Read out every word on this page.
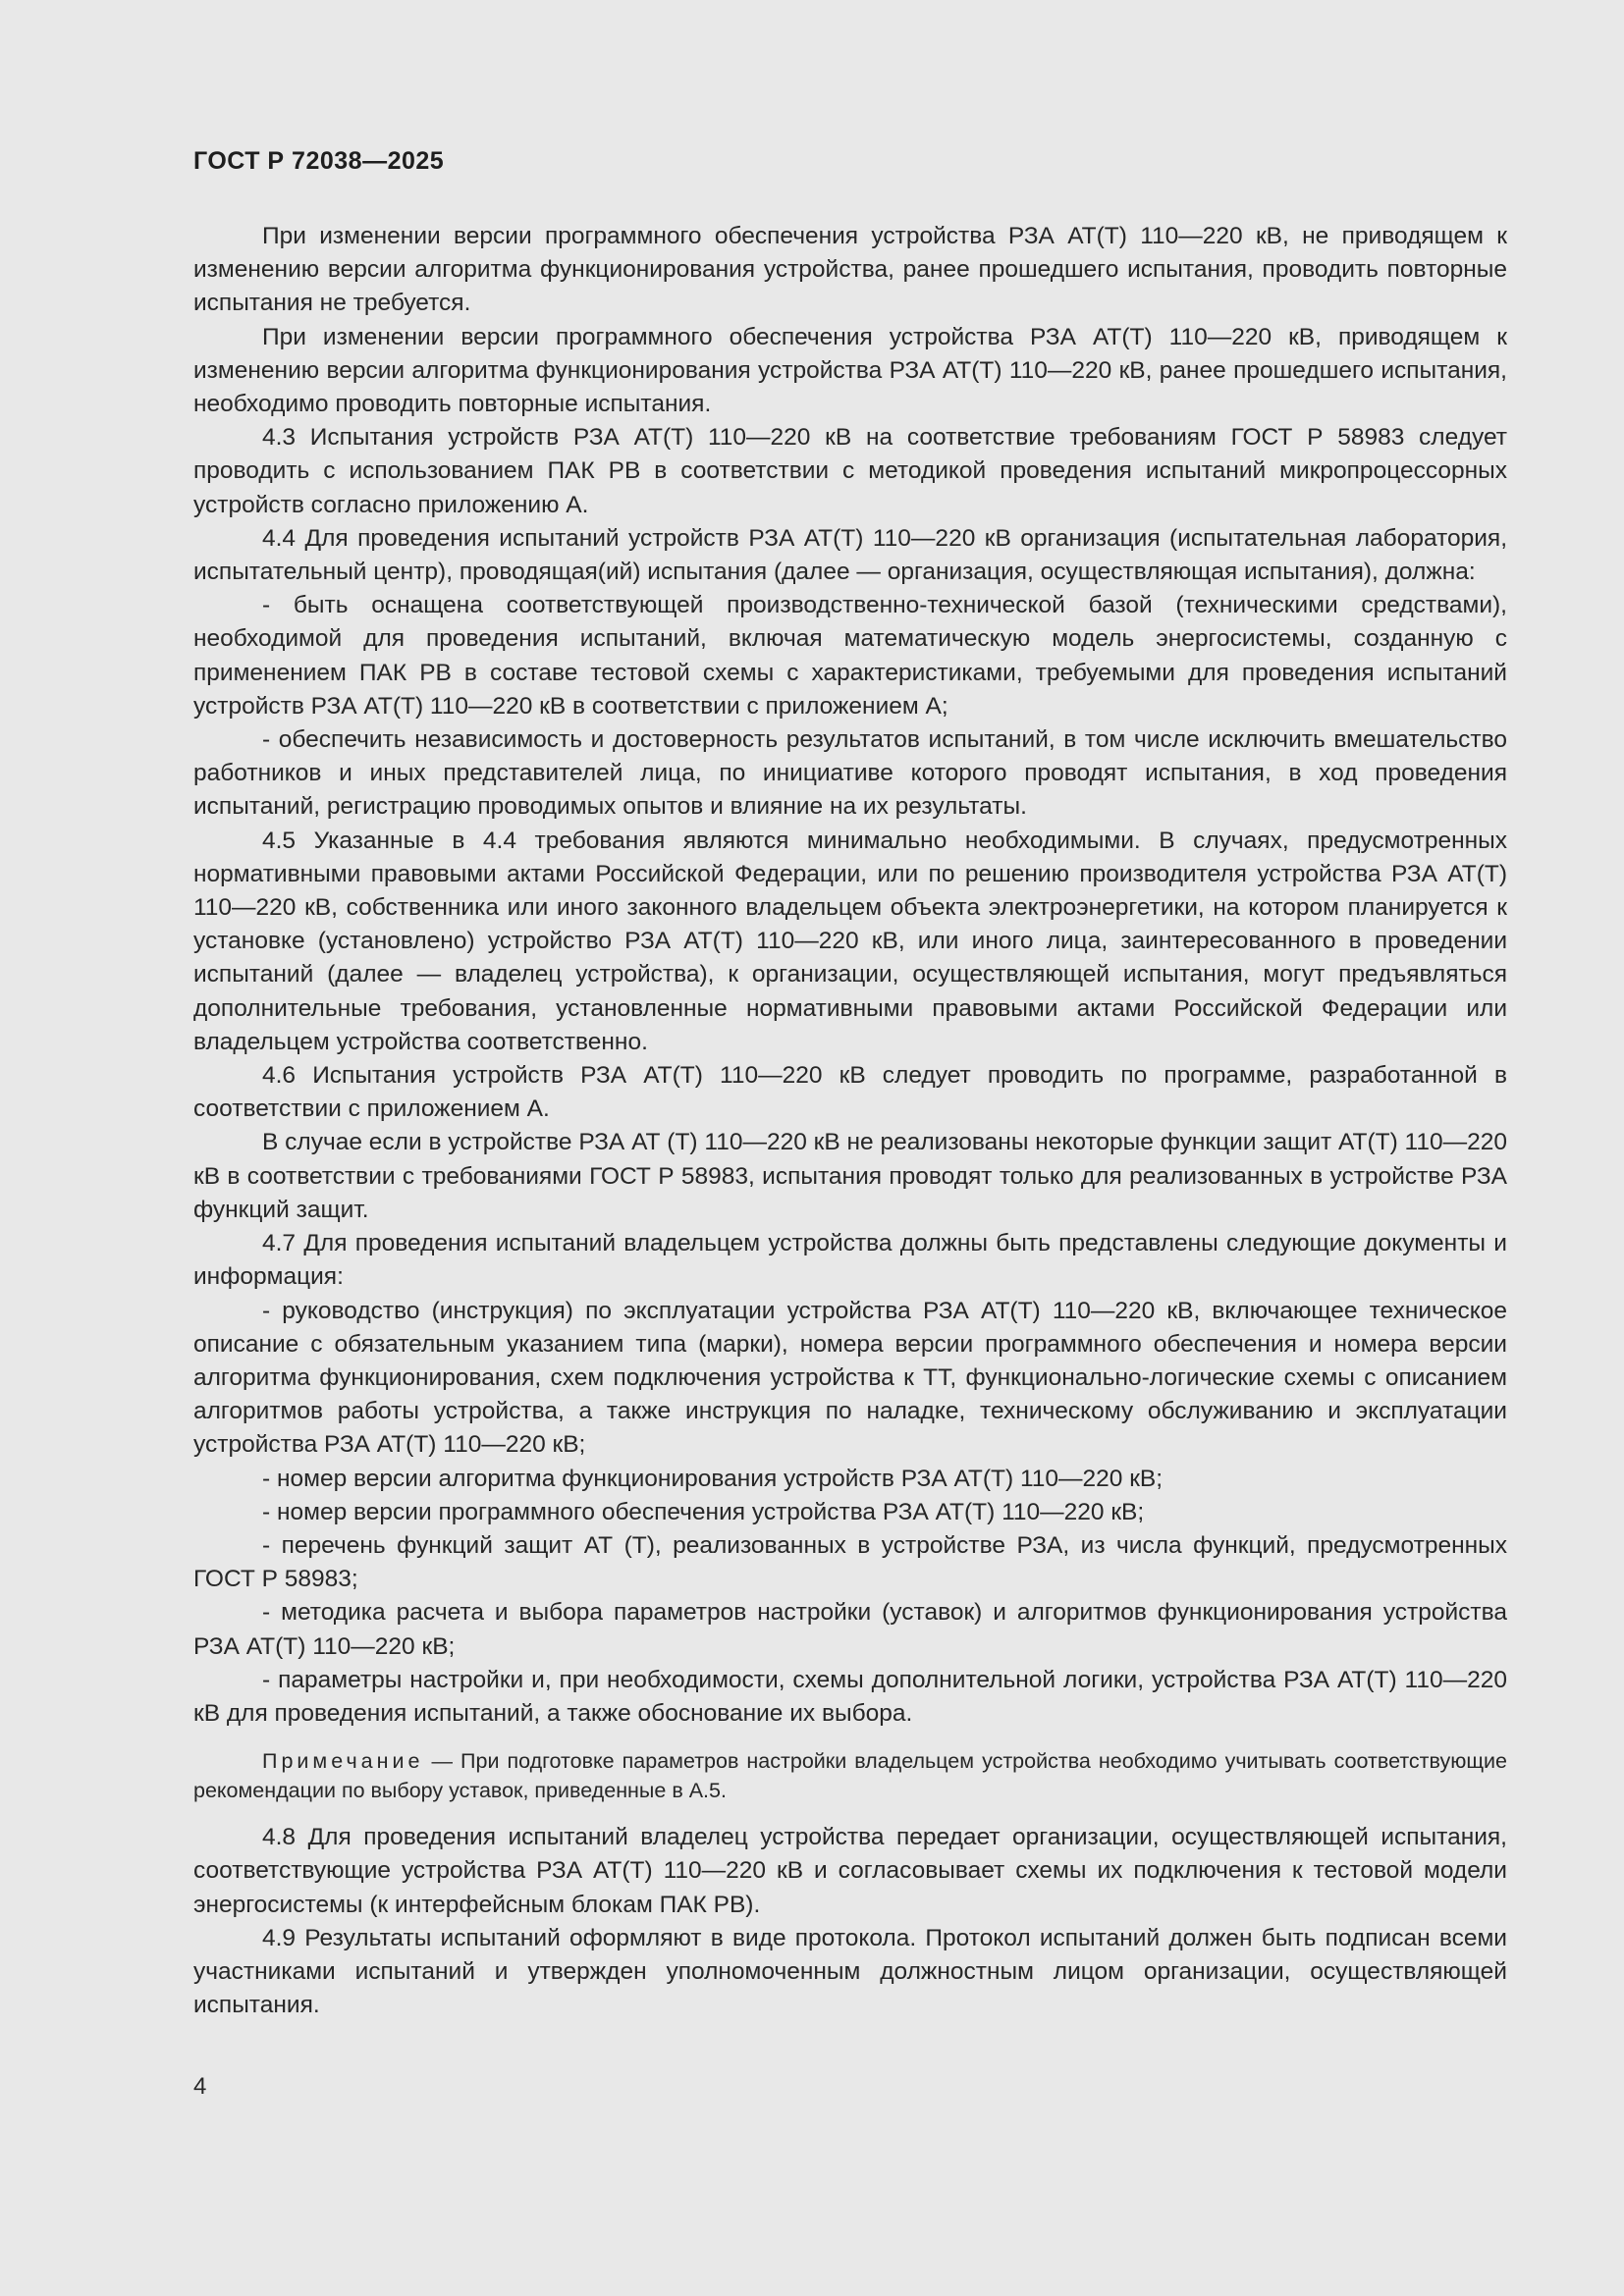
ГОСТ Р 72038—2025

При изменении версии программного обеспечения устройства РЗА АТ(Т) 110—220 кВ, не приводящем к изменению версии алгоритма функционирования устройства, ранее прошедшего испытания, проводить повторные испытания не требуется.

При изменении версии программного обеспечения устройства РЗА АТ(Т) 110—220 кВ, приводящем к изменению версии алгоритма функционирования устройства РЗА АТ(Т) 110—220 кВ, ранее прошедшего испытания, необходимо проводить повторные испытания.

4.3 Испытания устройств РЗА АТ(Т) 110—220 кВ на соответствие требованиям ГОСТ Р 58983 следует проводить с использованием ПАК РВ в соответствии с методикой проведения испытаний микропроцессорных устройств согласно приложению А.

4.4 Для проведения испытаний устройств РЗА АТ(Т) 110—220 кВ организация (испытательная лаборатория, испытательный центр), проводящая(ий) испытания (далее — организация, осуществляющая испытания), должна:

- быть оснащена соответствующей производственно-технической базой (техническими средствами), необходимой для проведения испытаний, включая математическую модель энергосистемы, созданную с применением ПАК РВ в составе тестовой схемы с характеристиками, требуемыми для проведения испытаний устройств РЗА АТ(Т) 110—220 кВ в соответствии с приложением А;

- обеспечить независимость и достоверность результатов испытаний, в том числе исключить вмешательство работников и иных представителей лица, по инициативе которого проводят испытания, в ход проведения испытаний, регистрацию проводимых опытов и влияние на их результаты.

4.5 Указанные в 4.4 требования являются минимально необходимыми. В случаях, предусмотренных нормативными правовыми актами Российской Федерации, или по решению производителя устройства РЗА АТ(Т) 110—220 кВ, собственника или иного законного владельцем объекта электроэнергетики, на котором планируется к установке (установлено) устройство РЗА АТ(Т) 110—220 кВ, или иного лица, заинтересованного в проведении испытаний (далее — владелец устройства), к организации, осуществляющей испытания, могут предъявляться дополнительные требования, установленные нормативными правовыми актами Российской Федерации или владельцем устройства соответственно.

4.6 Испытания устройств РЗА АТ(Т) 110—220 кВ следует проводить по программе, разработанной в соответствии с приложением А.

В случае если в устройстве РЗА АТ (Т) 110—220 кВ не реализованы некоторые функции защит АТ(Т) 110—220 кВ в соответствии с требованиями ГОСТ Р 58983, испытания проводят только для реализованных в устройстве РЗА функций защит.

4.7 Для проведения испытаний владельцем устройства должны быть представлены следующие документы и информация:

- руководство (инструкция) по эксплуатации устройства РЗА АТ(Т) 110—220 кВ, включающее техническое описание с обязательным указанием типа (марки), номера версии программного обеспечения и номера версии алгоритма функционирования, схем подключения устройства к ТТ, функционально-логические схемы с описанием алгоритмов работы устройства, а также инструкция по наладке, техническому обслуживанию и эксплуатации устройства РЗА АТ(Т) 110—220 кВ;

- номер версии алгоритма функционирования устройств РЗА АТ(Т) 110—220 кВ;

- номер версии программного обеспечения устройства РЗА АТ(Т) 110—220 кВ;

- перечень функций защит АТ (Т), реализованных в устройстве РЗА, из числа функций, предусмотренных ГОСТ Р 58983;

- методика расчета и выбора параметров настройки (уставок) и алгоритмов функционирования устройства РЗА АТ(Т) 110—220 кВ;

- параметры настройки и, при необходимости, схемы дополнительной логики, устройства РЗА АТ(Т) 110—220 кВ для проведения испытаний, а также обоснование их выбора.

Примечание — При подготовке параметров настройки владельцем устройства необходимо учитывать соответствующие рекомендации по выбору уставок, приведенные в А.5.

4.8 Для проведения испытаний владелец устройства передает организации, осуществляющей испытания, соответствующие устройства РЗА АТ(Т) 110—220 кВ и согласовывает схемы их подключения к тестовой модели энергосистемы (к интерфейсным блокам ПАК РВ).

4.9 Результаты испытаний оформляют в виде протокола. Протокол испытаний должен быть подписан всеми участниками испытаний и утвержден уполномоченным должностным лицом организации, осуществляющей испытания.

4
